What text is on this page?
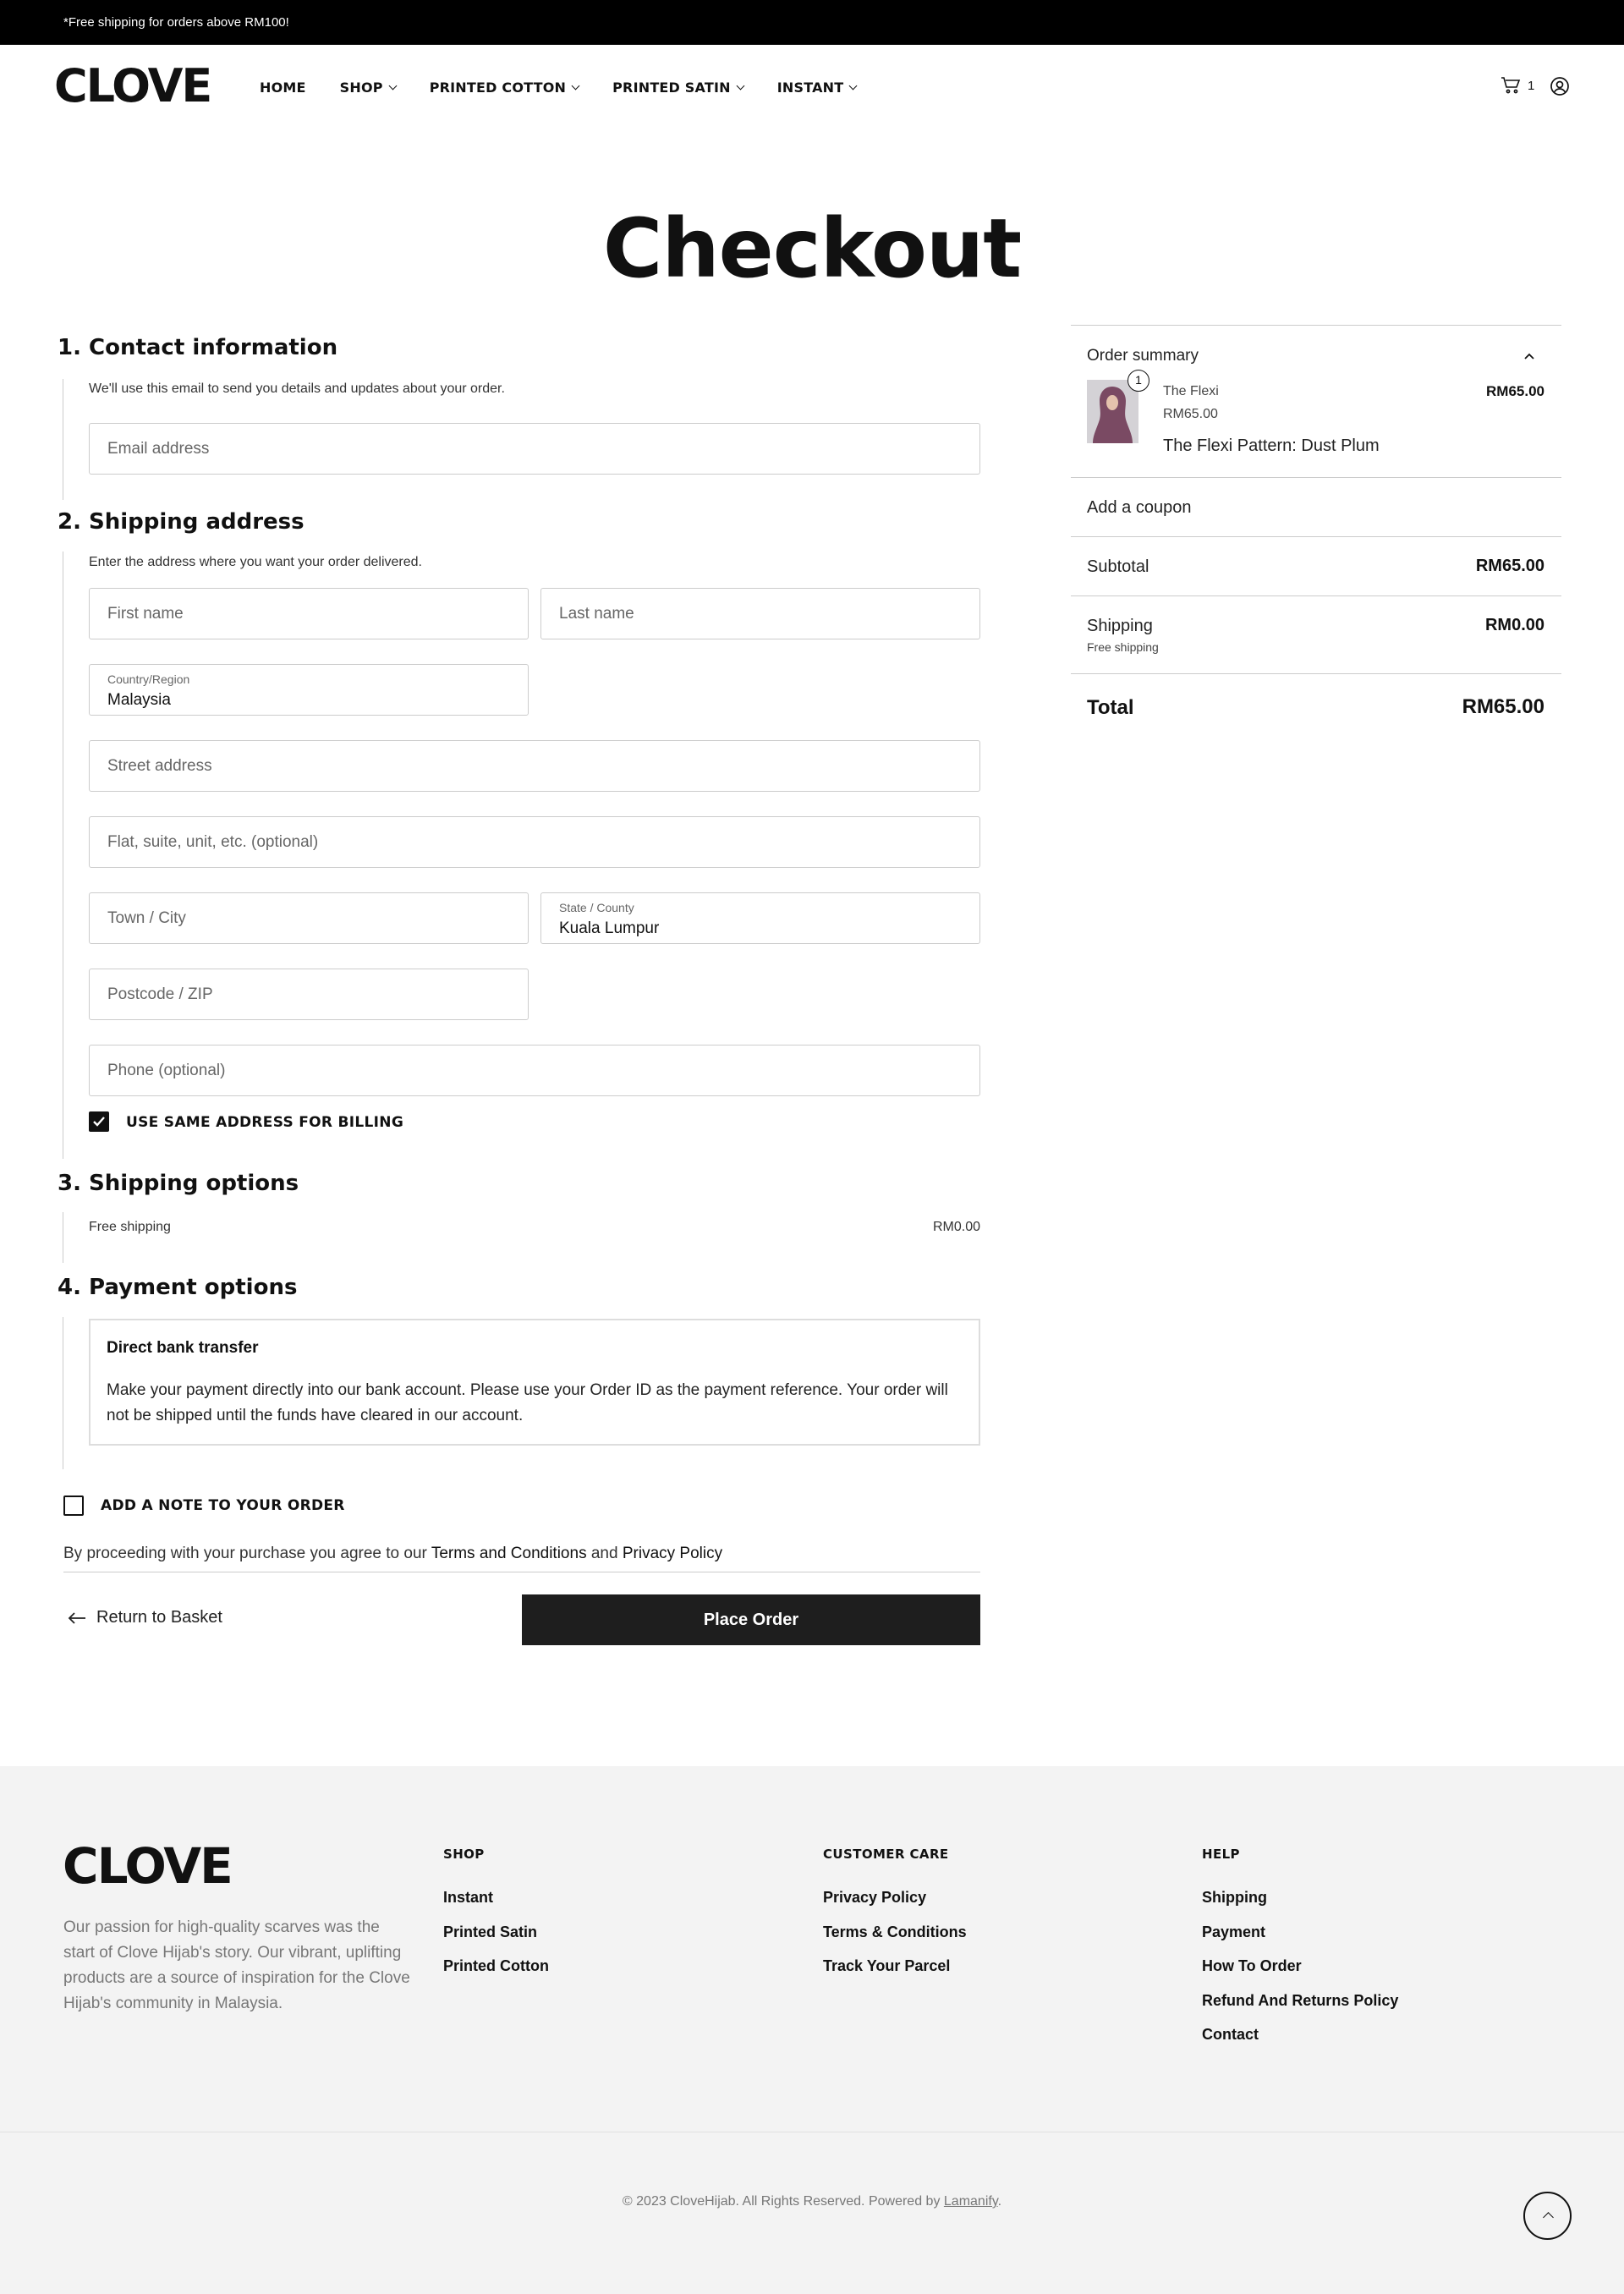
*Free shipping for orders above RM100!
CLOVE	HOME	SHOP	PRINTED COTTON	PRINTED SATIN	INSTANT	1
Checkout
1. Contact information
We'll use this email to send you details and updates about your order.
Email address
2. Shipping address
Enter the address where you want your order delivered.
First name	Last name
Country/Region
Malaysia
Street address
Flat, suite, unit, etc. (optional)
Town / City
State / County
Kuala Lumpur
Postcode / ZIP
Phone (optional)
USE SAME ADDRESS FOR BILLING
3. Shipping options
Free shipping	RM0.00
4. Payment options
Direct bank transfer
Make your payment directly into our bank account. Please use your Order ID as the payment reference. Your order will not be shipped until the funds have cleared in our account.
ADD A NOTE TO YOUR ORDER
By proceeding with your purchase you agree to our Terms and Conditions and Privacy Policy
Return to Basket	Place Order
Order summary
1
The Flexi
RM65.00
The Flexi Pattern: Dust Plum
RM65.00
Add a coupon
Subtotal	RM65.00
Shipping
Free shipping
RM0.00
Total	RM65.00
CLOVE
Our passion for high-quality scarves was the start of Clove Hijab's story. Our vibrant, uplifting products are a source of inspiration for the Clove Hijab's community in Malaysia.
SHOP
Instant
Printed Satin
Printed Cotton
CUSTOMER CARE
Privacy Policy
Terms & Conditions
Track Your Parcel
HELP
Shipping
Payment
How To Order
Refund And Returns Policy
Contact
© 2023 CloveHijab. All Rights Reserved. Powered by Lamanify.
